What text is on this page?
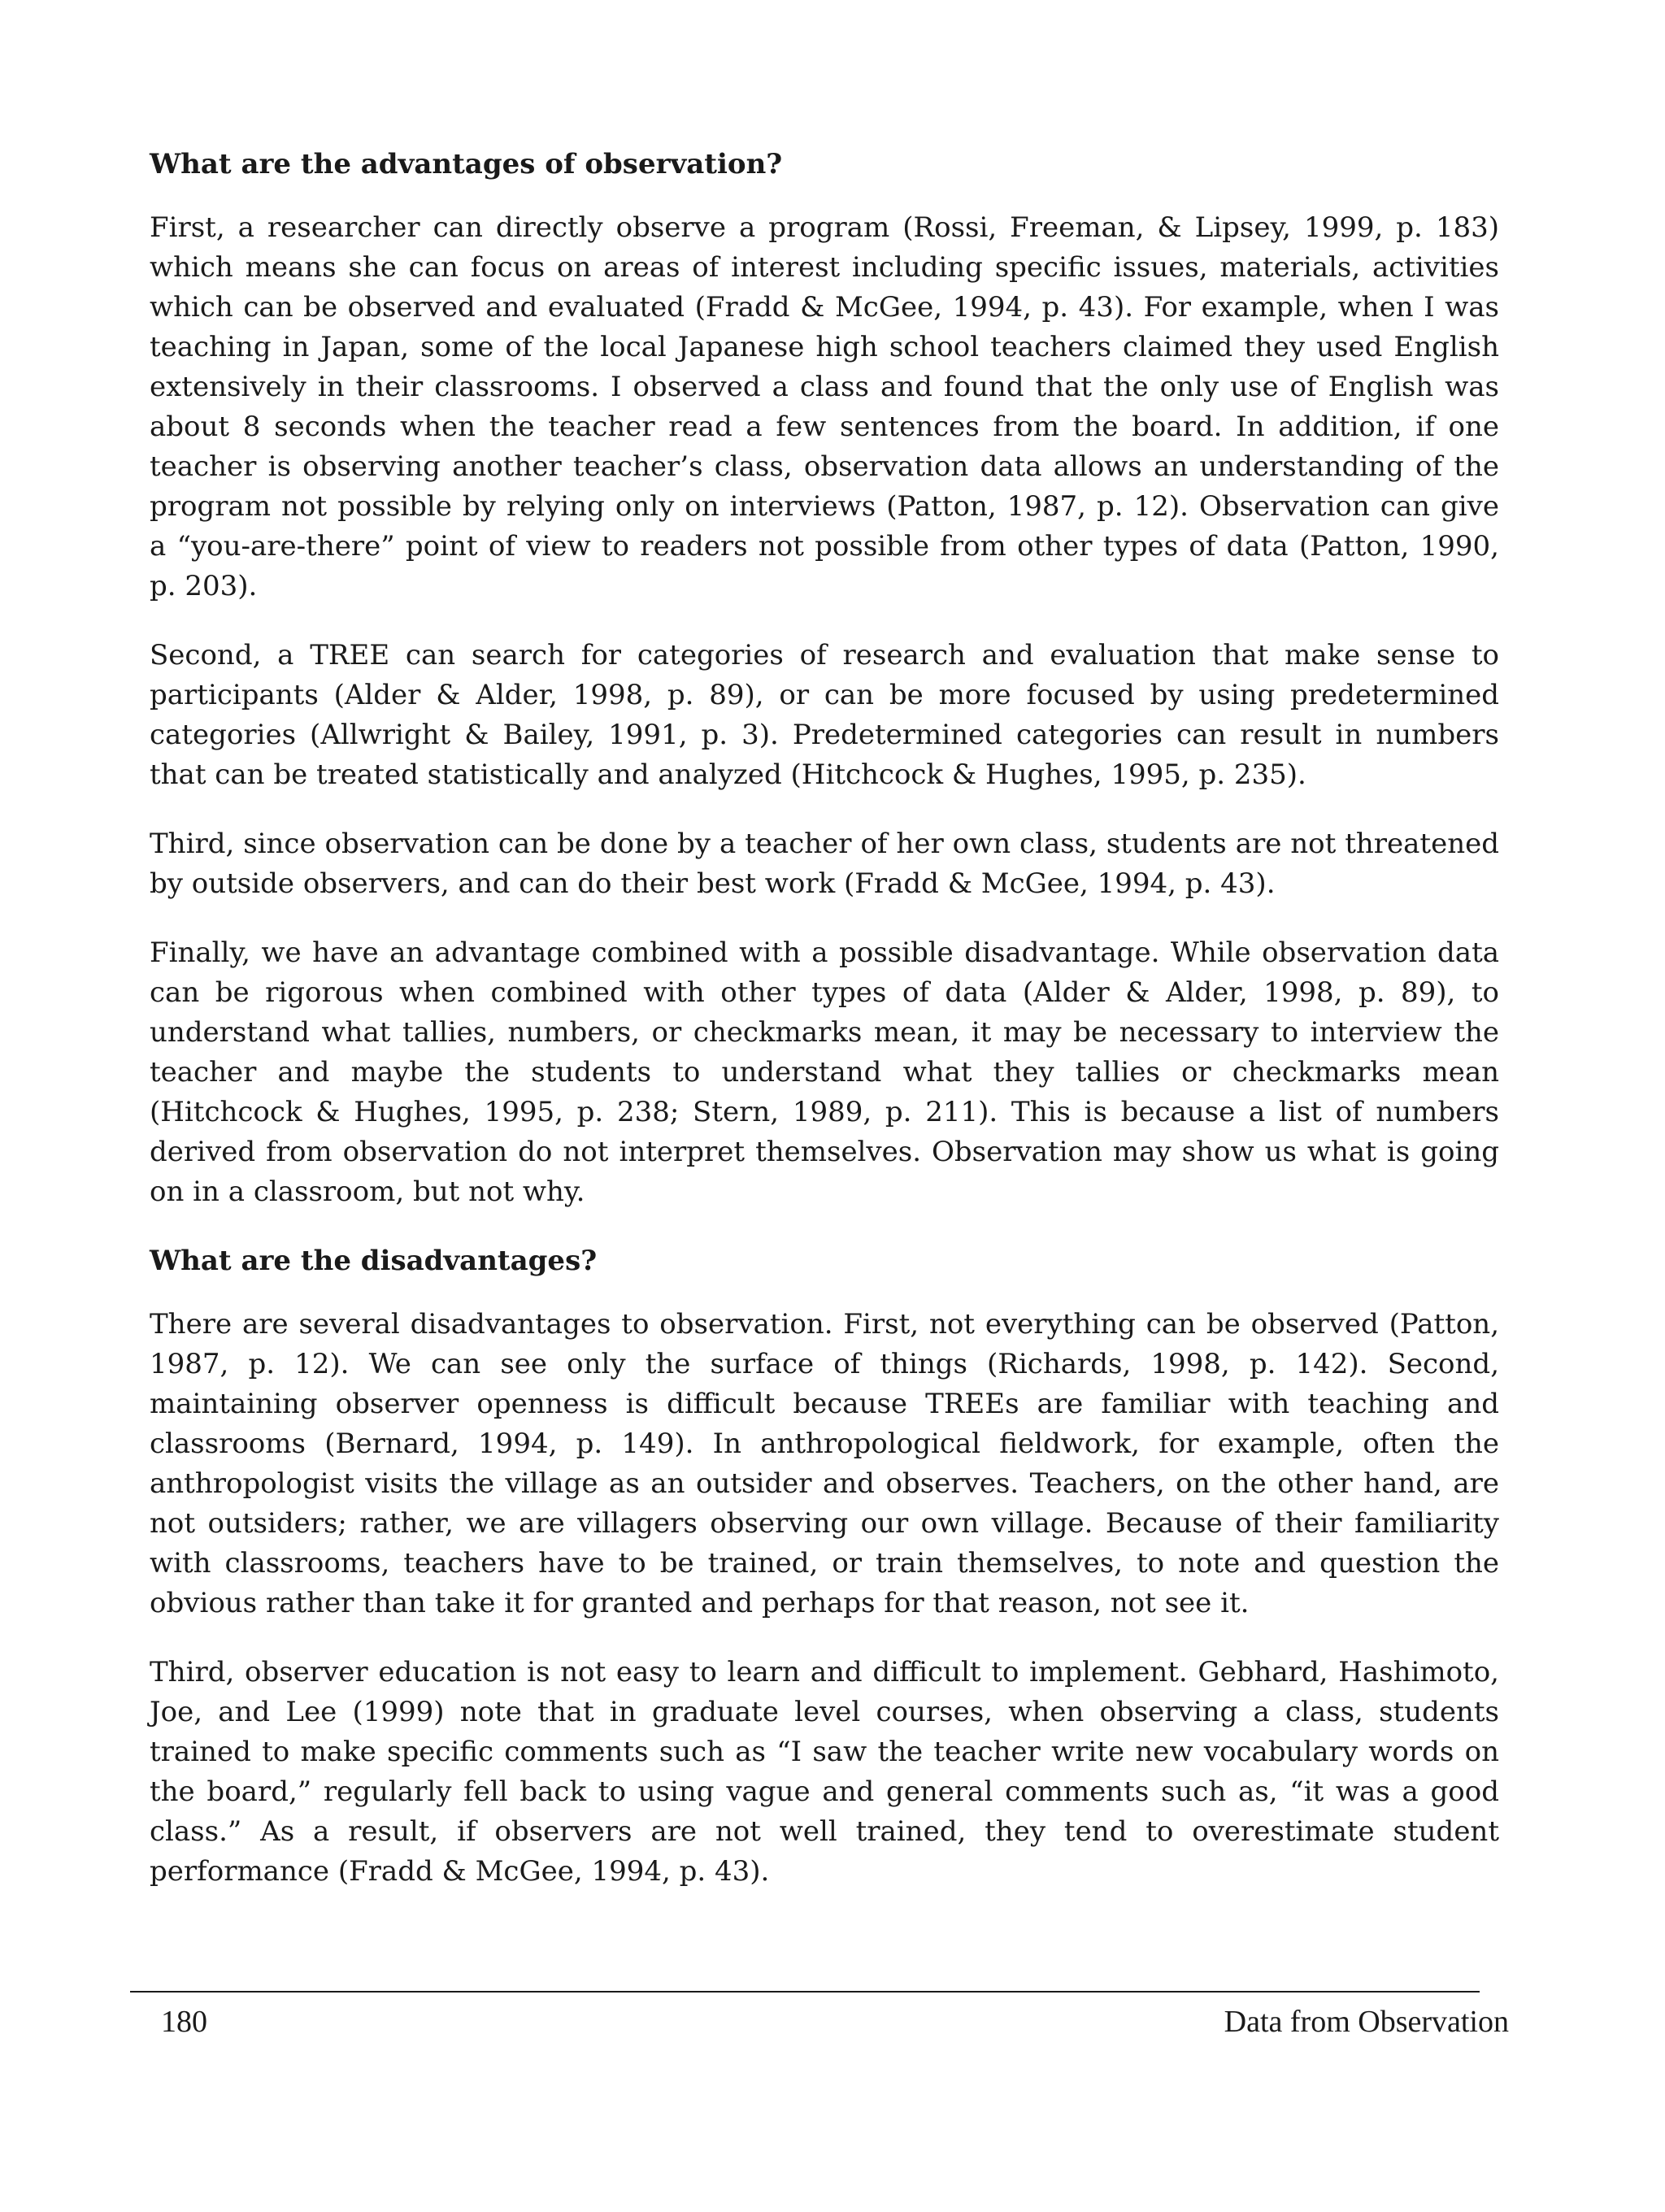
What are the advantages of observation?

First, a researcher can directly observe a program (Rossi, Freeman, & Lipsey, 1999, p. 183) which means she can focus on areas of interest including specific issues, materials, activities which can be observed and evaluated (Fradd & McGee, 1994, p. 43). For example, when I was teaching in Japan, some of the local Japanese high school teachers claimed they used English extensively in their classrooms. I observed a class and found that the only use of English was about 8 seconds when the teacher read a few sentences from the board. In addition, if one teacher is observing another teacher’s class, observation data allows an understanding of the program not possible by relying only on interviews (Patton, 1987, p. 12). Observation can give a “you-are-there” point of view to readers not possible from other types of data (Patton, 1990, p. 203).

Second, a TREE can search for categories of research and evaluation that make sense to participants (Alder & Alder, 1998, p. 89), or can be more focused by using predetermined categories (Allwright & Bailey, 1991, p. 3). Predetermined categories can result in numbers that can be treated statistically and analyzed (Hitchcock & Hughes, 1995, p. 235).

Third, since observation can be done by a teacher of her own class, students are not threatened by outside observers, and can do their best work (Fradd & McGee, 1994, p. 43).

Finally, we have an advantage combined with a possible disadvantage. While observation data can be rigorous when combined with other types of data (Alder & Alder, 1998, p. 89), to understand what tallies, numbers, or checkmarks mean, it may be necessary to interview the teacher and maybe the students to understand what they tallies or checkmarks mean (Hitchcock & Hughes, 1995, p. 238; Stern, 1989, p. 211). This is because a list of numbers derived from observation do not interpret themselves. Observation may show us what is going on in a classroom, but not why.

What are the disadvantages?

There are several disadvantages to observation. First, not everything can be observed (Patton, 1987, p. 12). We can see only the surface of things (Richards, 1998, p. 142). Second, maintaining observer openness is difficult because TREEs are familiar with teaching and classrooms (Bernard, 1994, p. 149). In anthropological fieldwork, for example, often the anthropologist visits the village as an outsider and observes. Teachers, on the other hand, are not outsiders; rather, we are villagers observing our own village. Because of their familiarity with classrooms, teachers have to be trained, or train themselves, to note and question the obvious rather than take it for granted and perhaps for that reason, not see it.

Third, observer education is not easy to learn and difficult to implement. Gebhard, Hashimoto, Joe, and Lee (1999) note that in graduate level courses, when observing a class, students trained to make specific comments such as “I saw the teacher write new vocabulary words on the board,” regularly fell back to using vague and general comments such as, “it was a good class.” As a result, if observers are not well trained, they tend to overestimate student performance (Fradd & McGee, 1994, p. 43).

180	Data from Observation
